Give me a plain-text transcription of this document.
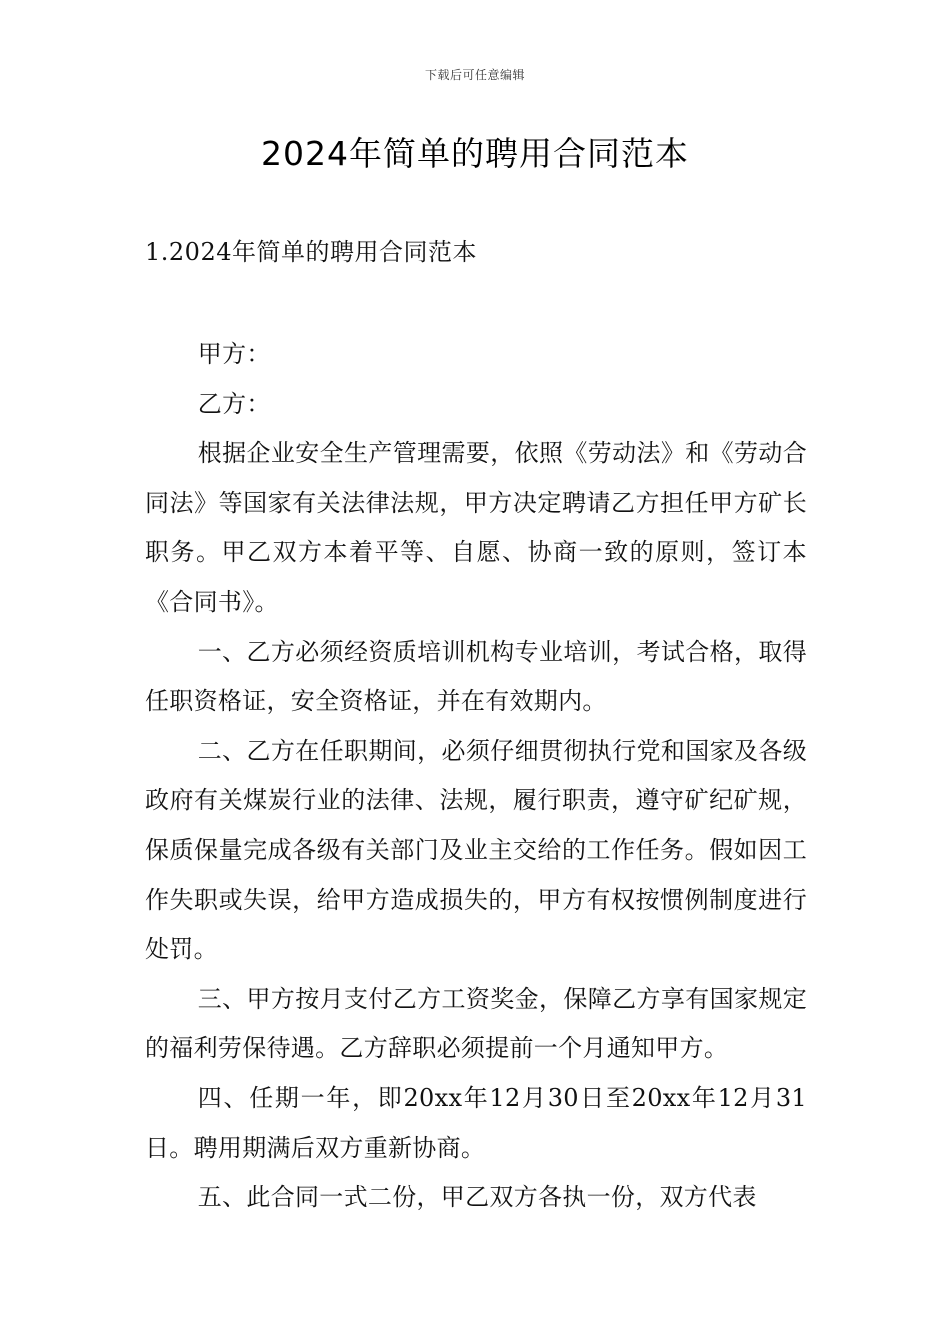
下载后可任意编辑
2024年简单的聘用合同范本
1.2024年简单的聘用合同范本

甲方：

乙方：

根据企业安全生产管理需要，依照《劳动法》和《劳动合同法》等国家有关法律法规，甲方决定聘请乙方担任甲方矿长职务。甲乙双方本着平等、自愿、协商一致的原则，签订本《合同书》。

一、乙方必须经资质培训机构专业培训，考试合格，取得任职资格证，安全资格证，并在有效期内。

二、乙方在任职期间，必须仔细贯彻执行党和国家及各级政府有关煤炭行业的法律、法规，履行职责，遵守矿纪矿规，保质保量完成各级有关部门及业主交给的工作任务。假如因工作失职或失误，给甲方造成损失的，甲方有权按惯例制度进行处罚。

三、甲方按月支付乙方工资奖金，保障乙方享有国家规定的福利劳保待遇。乙方辞职必须提前一个月通知甲方。

四、任期一年，即20xx年12月30日至20xx年12月31日。聘用期满后双方重新协商。

五、此合同一式二份，甲乙双方各执一份，双方代表
